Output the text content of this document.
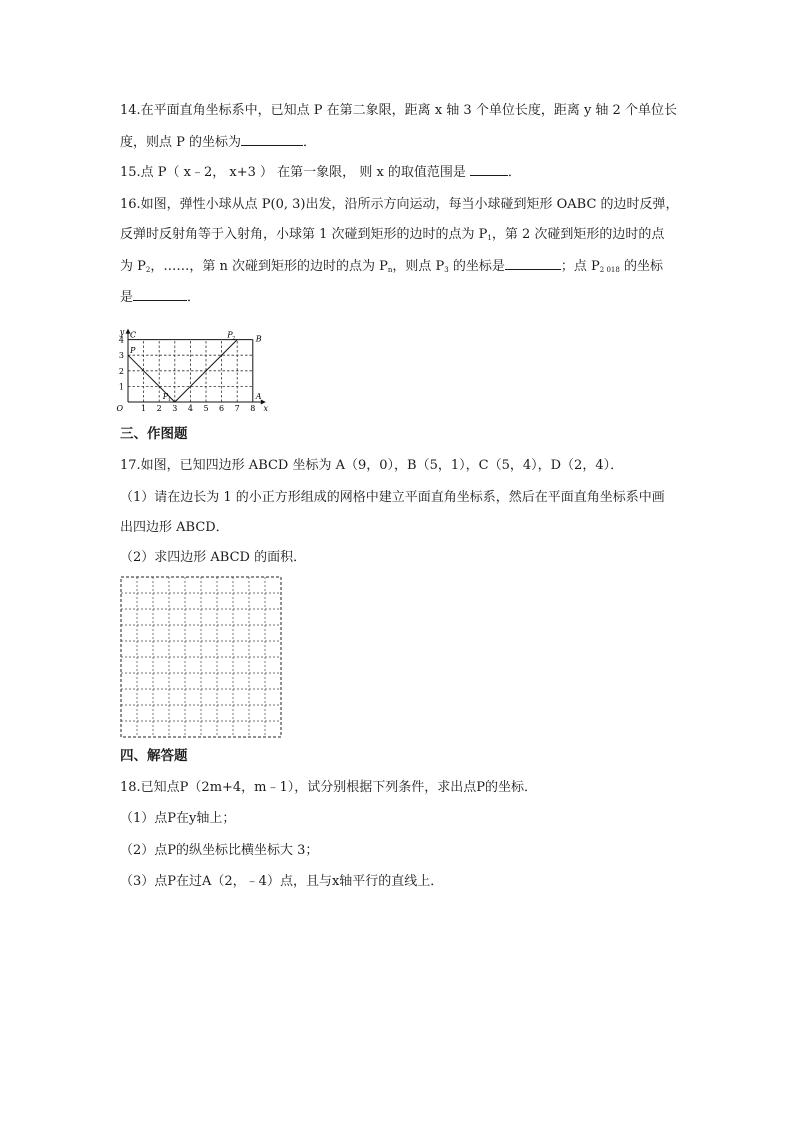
14.在平面直角坐标系中，已知点 P 在第二象限，距离 x 轴 3 个单位长度，距离 y 轴 2 个单位长
度，则点 P 的坐标为	．
15.点 P（ x﹣2， x+3 ） 在第一象限， 则 x 的取值范围是	．
16.如图，弹性小球从点 P(0, 3)出发，沿所示方向运动，每当小球碰到矩形 OABC 的边时反弹，
反弹时反射角等于入射角，小球第 1 次碰到矩形的边时的点为 $P_1$，第 2 次碰到矩形的边时的点
为 $P_2$，……，第 n 次碰到矩形的边时的点为 $P_n$，则点 $P_3$ 的坐标是	；点 $P_{2 018}$ 的坐标
是	．
1 2 3 4 5 6 7 8
1
2
3
4
O	x
y C	B
A
P
P 1
P 2
三、作图题
17.如图，已知四边形 ABCD 坐标为 A（9，0），B（5，1），C（5，4），D（2，4）．
（1）请在边长为 1 的小正方形组成的网格中建立平面直角坐标系，然后在平面直角坐标系中画
出四边形 ABCD．
（2）求四边形 ABCD 的面积．
四、解答题
18.已知点P（2m+4，m﹣1），试分别根据下列条件，求出点P的坐标．
（1）点P在y轴上；
（2）点P的纵坐标比横坐标大 3；
（3）点P在过A（2，﹣4）点，且与x轴平行的直线上．
